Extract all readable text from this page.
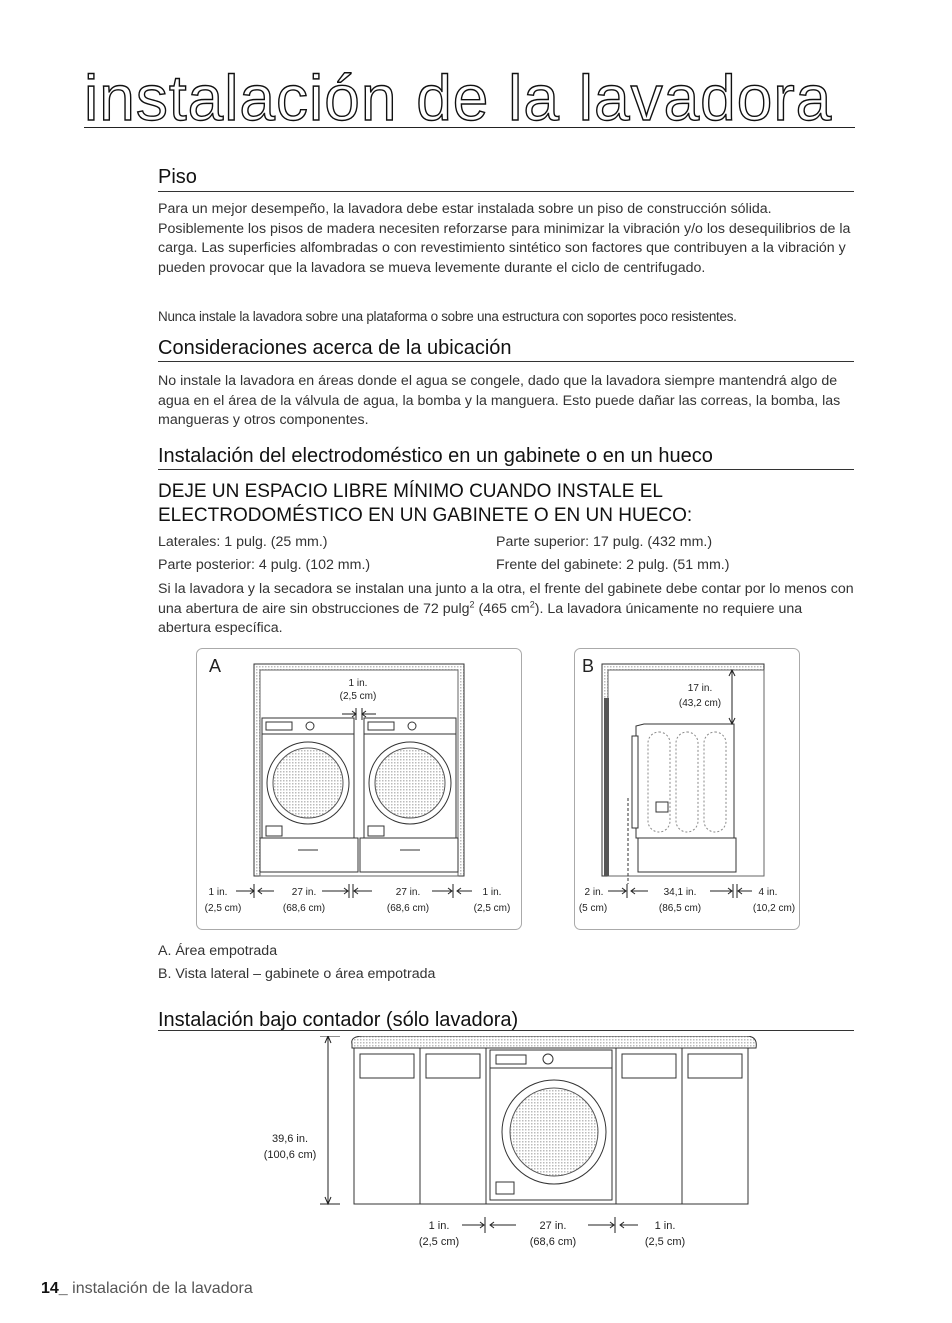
instalación de la lavadora
Piso
Para un mejor desempeño, la lavadora debe estar instalada sobre un piso de construcción sólida. Posiblemente los pisos de madera necesiten reforzarse para minimizar la vibración y/o los desequilibrios de la carga. Las superficies alfombradas o con revestimiento sintético son factores que contribuyen a la vibración y pueden provocar que la lavadora se mueva levemente durante el ciclo de centrifugado.
Nunca instale la lavadora sobre una plataforma o sobre una estructura con soportes poco resistentes.
Consideraciones acerca de la ubicación
No instale la lavadora en áreas donde el agua se congele, dado que la lavadora siempre mantendrá algo de agua en el área de la válvula de agua, la bomba y la manguera. Esto puede dañar las correas, la bomba, las mangueras y otros componentes.
Instalación del electrodoméstico en un gabinete o en un hueco
DEJE UN ESPACIO LIBRE MÍNIMO CUANDO INSTALE EL
ELECTRODOMÉSTICO EN UN GABINETE O EN UN HUECO:
Laterales: 1 pulg. (25 mm.)	Parte superior: 17 pulg. (432 mm.)
Parte posterior: 4 pulg. (102 mm.)	Frente del gabinete: 2 pulg. (51 mm.)
Si la lavadora y la secadora se instalan una junto a la otra, el frente del gabinete debe contar por lo menos con una abertura de aire sin obstrucciones de 72 pulg$^2$ (465 $cm^2$). La lavadora únicamente no requiere una abertura específica.
A
1 in.
(2,5 cm)
1 in.
(2,5 cm)
27 in.
(68,6 cm)
27 in.
(68,6 cm)
1 in.
(2,5 cm)
B
17 in.
(43,2 cm)
2 in.
(5 cm)
34,1 in.
(86,5 cm)
4 in.
(10,2 cm)
A. Área empotrada
B. Vista lateral – gabinete o área empotrada
Instalación bajo contador (sólo lavadora)
39,6 in.
(100,6 cm)
1 in.
(2,5 cm)
27 in.
(68,6 cm)
1 in.
(2,5 cm)
14_ instalación de la lavadora
